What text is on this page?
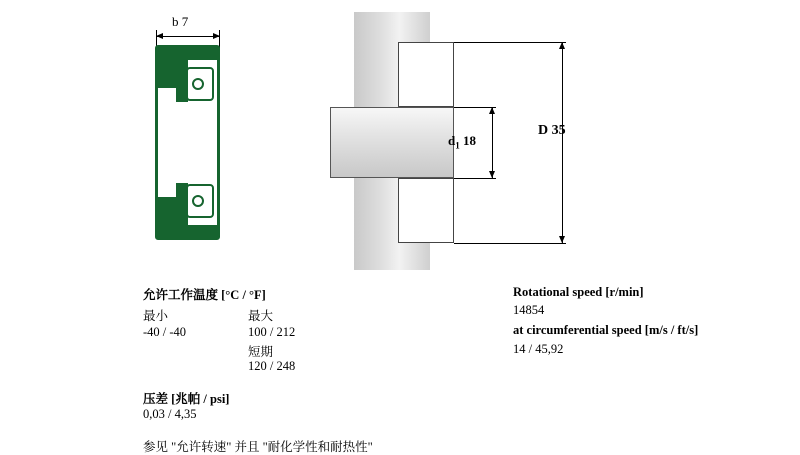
b 7
D 35
$d_1$ 18
允许工作温度 [°C / °F]
最小	最大
-40 / -40	100 / 212
短期
120 / 248
压差 [兆帕 / psi]
0,03 / 4,35
参见 "允许转速" 并且 "耐化学性和耐热性"
Rotational speed [r/min]
14854
at circumferential speed [m/s / ft/s]
14 / 45,92
